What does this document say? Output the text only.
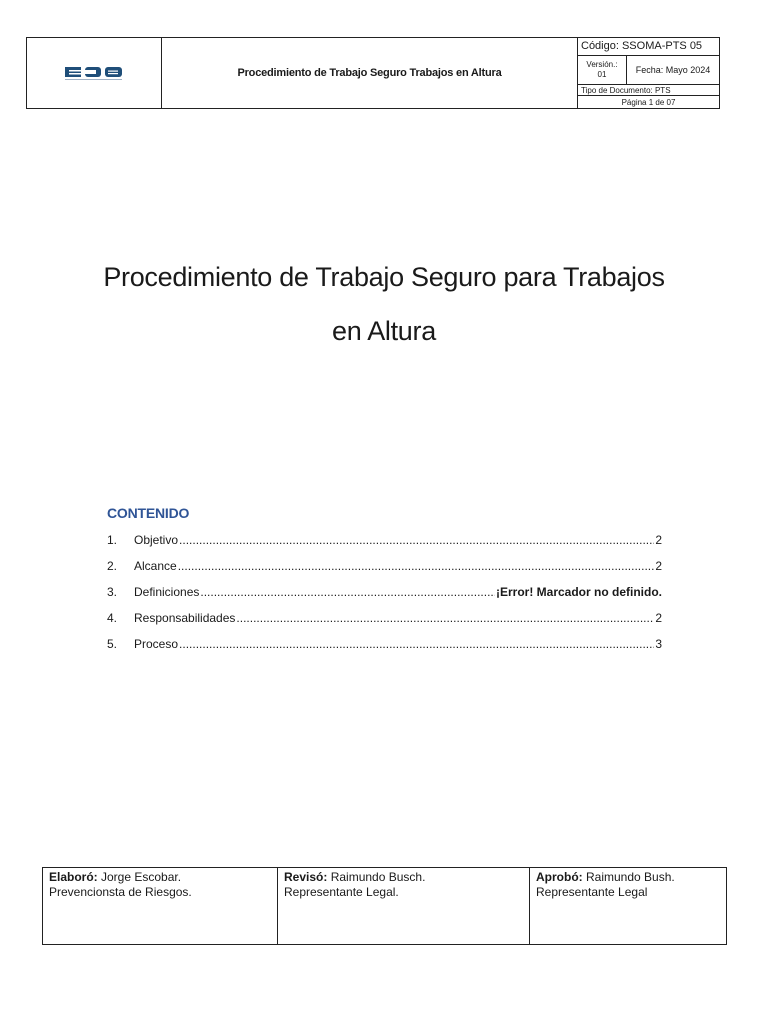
Procedimiento de Trabajo Seguro Trabajos en Altura
Código: SSOMA-PTS 05
Versión.:
01	Fecha: Mayo 2024
Tipo de Documento: PTS
Página 1 de 07
Procedimiento de Trabajo Seguro para Trabajos
en Altura
CONTENIDO
1.	Objetivo .....	2
2.	Alcance .....	2
3.	Definiciones .....	¡Error! Marcador no definido.
4.	Responsabilidades .....	2
5.	Proceso .....	3
Elaboró: Jorge Escobar.
Prevencionsta de Riesgos.
Revisó: Raimundo Busch.
Representante Legal.
Aprobó: Raimundo Bush.
Representante Legal
